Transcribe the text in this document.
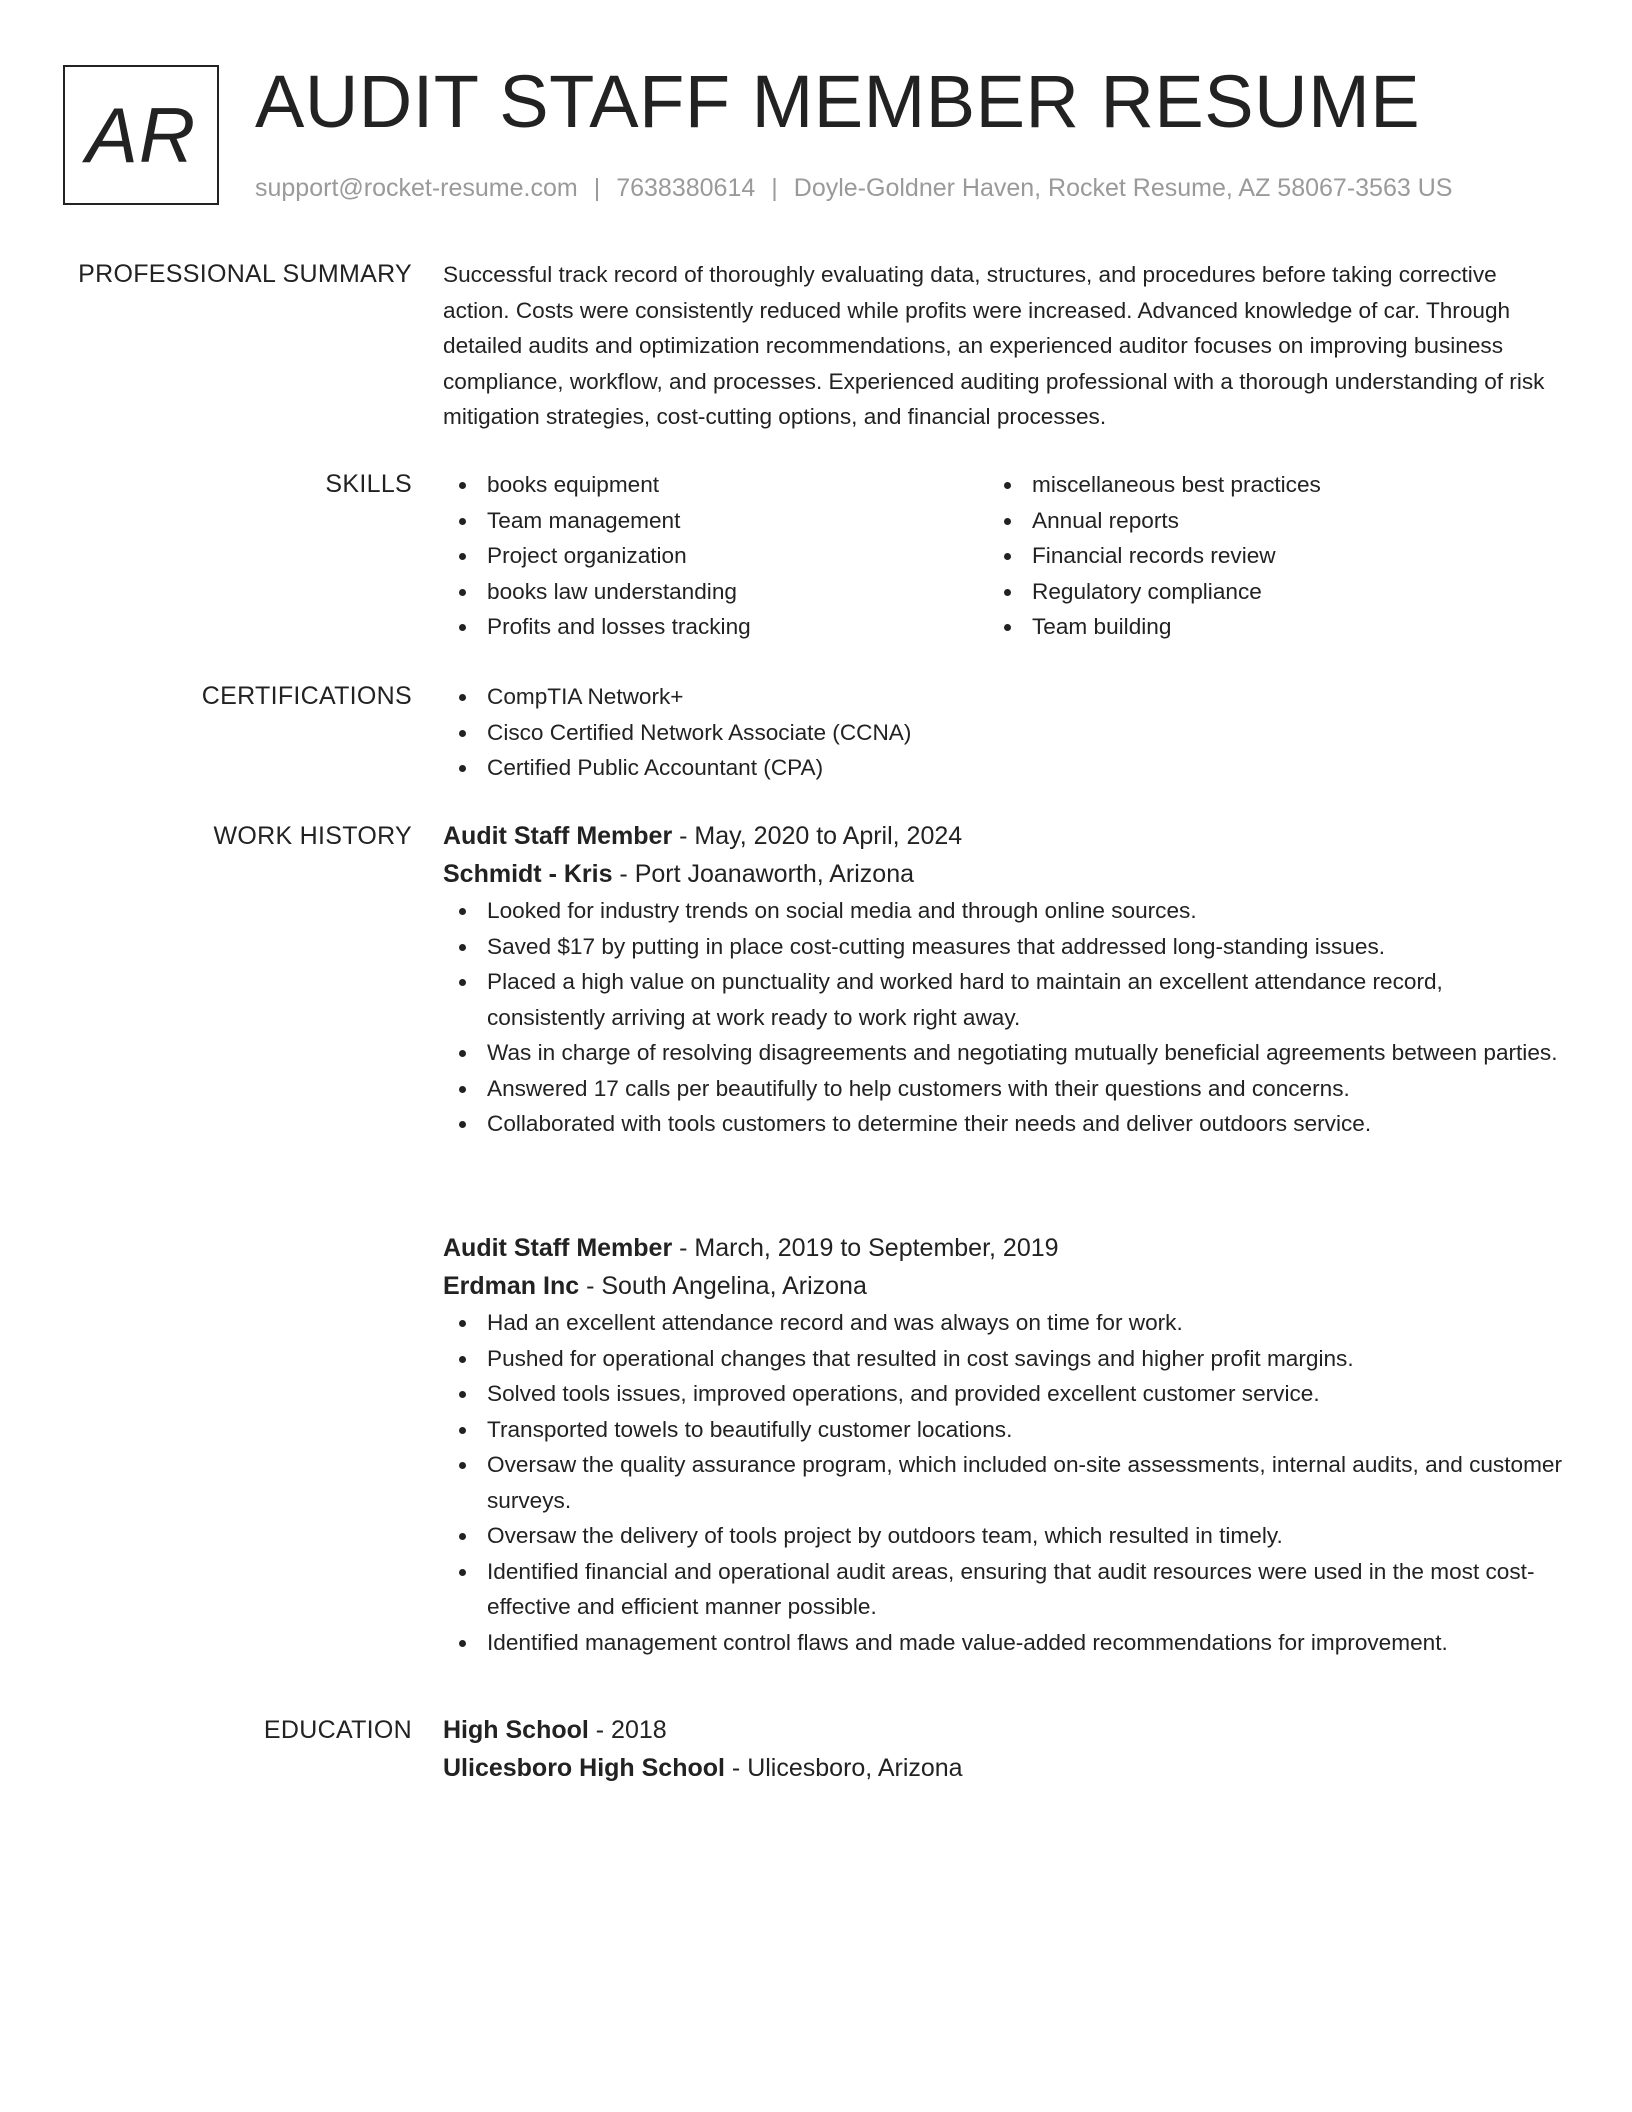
AR AUDIT STAFF MEMBER RESUME
support@rocket-resume.com | 7638380614 | Doyle-Goldner Haven, Rocket Resume, AZ 58067-3563 US
PROFESSIONAL SUMMARY Successful track record of thoroughly evaluating data, structures, and procedures before taking corrective action. Costs were consistently reduced while profits were increased. Advanced knowledge of car. Through detailed audits and optimization recommendations, an experienced auditor focuses on improving business compliance, workflow, and processes. Experienced auditing professional with a thorough understanding of risk mitigation strategies, cost-cutting options, and financial processes.

SKILLS	books equipment
Team management
Project organization
books law understanding
Profits and losses tracking
miscellaneous best practices
Annual reports
Financial records review
Regulatory compliance
Team building
CERTIFICATIONS	CompTIA Network+
Cisco Certified Network Associate (CCNA)
Certified Public Accountant (CPA)
WORK HISTORY Audit Staff Member - May, 2020 to April, 2024
Schmidt - Kris - Port Joanaworth, Arizona
Looked for industry trends on social media and through online sources.
Saved $17 by putting in place cost-cutting measures that addressed long-standing issues.
Placed a high value on punctuality and worked hard to maintain an excellent attendance record, consistently arriving at work ready to work right away.
Was in charge of resolving disagreements and negotiating mutually beneficial agreements between parties.
Answered 17 calls per beautifully to help customers with their questions and concerns.
Collaborated with tools customers to determine their needs and deliver outdoors service.
Audit Staff Member - March, 2019 to September, 2019
Erdman Inc - South Angelina, Arizona
Had an excellent attendance record and was always on time for work.
Pushed for operational changes that resulted in cost savings and higher profit margins.
Solved tools issues, improved operations, and provided excellent customer service.
Transported towels to beautifully customer locations.
Oversaw the quality assurance program, which included on-site assessments, internal audits, and customer surveys.
Oversaw the delivery of tools project by outdoors team, which resulted in timely.
Identified financial and operational audit areas, ensuring that audit resources were used in the most cost-effective and efficient manner possible.
Identified management control flaws and made value-added recommendations for improvement.
EDUCATION High School - 2018
Ulicesboro High School - Ulicesboro, Arizona
